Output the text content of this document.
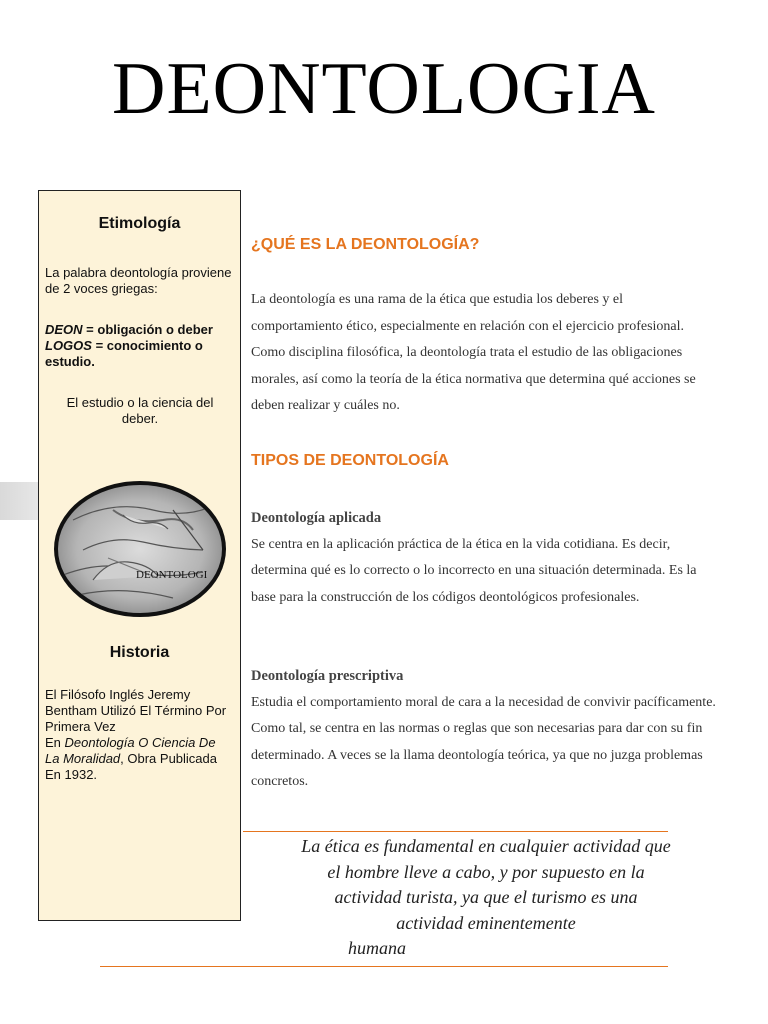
DEONTOLOGIA
Etimología
La palabra deontología proviene de 2 voces griegas:
DEON = obligación o deber
LOGOS = conocimiento o estudio.
El estudio o la ciencia del deber.
Historia
El Filósofo Inglés Jeremy Bentham Utilizó El Término Por Primera Vez
En Deontología O Ciencia De La Moralidad, Obra Publicada En 1932.
DEONTOLOGI
¿QUÉ ES LA DEONTOLOGÍA?
La deontología es una rama de la ética que estudia los deberes y el comportamiento ético, especialmente en relación con el ejercicio profesional. Como disciplina filosófica, la deontología trata el estudio de las obligaciones morales, así como la teoría de la ética normativa que determina qué acciones se deben realizar y cuáles no.
TIPOS DE DEONTOLOGÍA
Deontología aplicada
Se centra en la aplicación práctica de la ética en la vida cotidiana. Es decir, determina qué es lo correcto o lo incorrecto en una situación determinada. Es la base para la construcción de los códigos deontológicos profesionales.
Deontología prescriptiva
Estudia el comportamiento moral de cara a la necesidad de convivir pacíficamente. Como tal, se centra en las normas o reglas que son necesarias para dar con su fin determinado. A veces se la llama deontología teórica, ya que no juzga problemas concretos.
La ética es fundamental en cualquier actividad que el hombre lleve a cabo, y por supuesto en la actividad turista, ya que el turismo es una actividad eminentemente
humana
